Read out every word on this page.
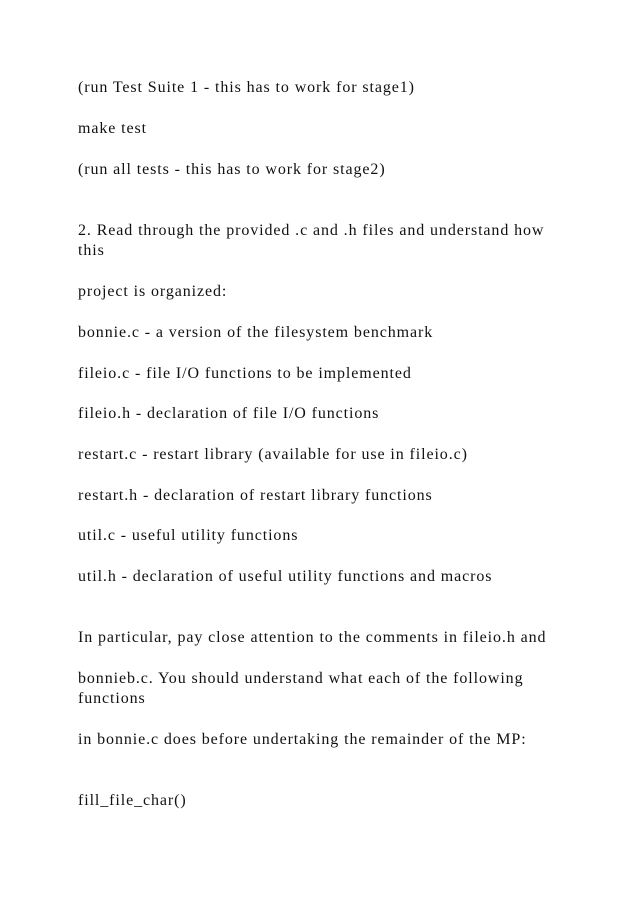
(run Test Suite 1 - this has to work for stage1)
make test
(run all tests - this has to work for stage2)
2. Read through the provided .c and .h files and understand how
this
project is organized:
bonnie.c - a version of the filesystem benchmark
fileio.c - file I/O functions to be implemented
fileio.h - declaration of file I/O functions
restart.c - restart library (available for use in fileio.c)
restart.h - declaration of restart library functions
util.c - useful utility functions
util.h - declaration of useful utility functions and macros
In particular, pay close attention to the comments in fileio.h and
bonnieb.c. You should understand what each of the following
functions
in bonnie.c does before undertaking the remainder of the MP:
fill_file_char()
